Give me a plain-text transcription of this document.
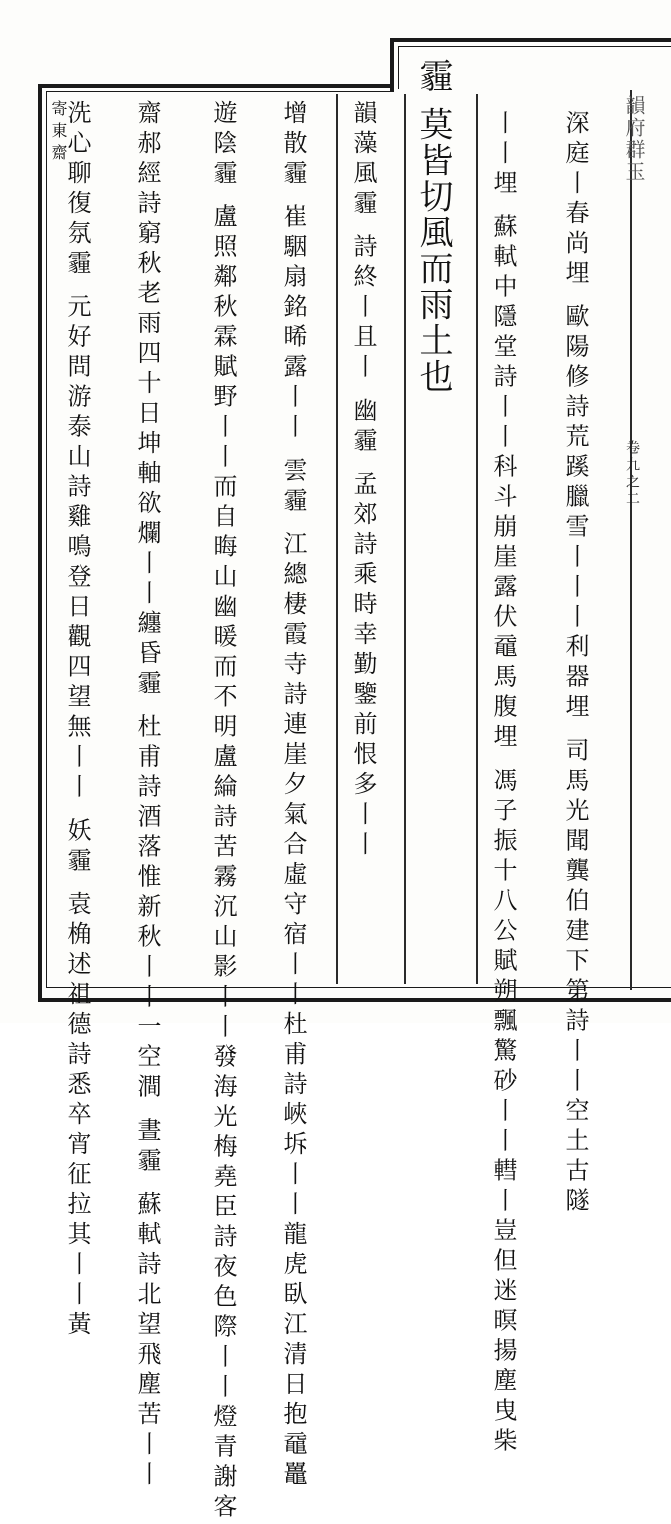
韻府群玉
卷九之二
深庭丨春尚埋 歐陽修詩荒蹊臘雪丨丨丨利器埋 司馬光聞龔伯建下第詩丨丨空土古隧
丨丨埋 蘇軾中隱堂詩丨丨科斗崩崖露伏黿馬腹埋 馮子振十八公賦朔飄驚砂丨丨轊丨豈但迷暝揚塵曳柴
霾 莫皆切風而雨土也
韻藻風霾 詩終丨且丨 幽霾 孟郊詩乘時幸勤鑒前恨多丨丨
增散霾 崔駰扇銘晞露丨丨 雲霾 江總棲霞寺詩連崖夕氣合虛守宿丨丨杜甫詩峽坼丨丨龍虎臥江清日抱黿鼉
遊陰霾 盧照鄰秋霖賦野丨丨而自晦山幽暖而不明盧綸詩苦霧沉山影丨丨發海光梅堯臣詩夜色際丨丨燈青謝客
齋郝經詩窮秋老雨四十日坤軸欲爛丨丨纏昏霾 杜甫詩酒落惟新秋丨丨一空澗 晝霾 蘇軾詩北望飛塵苦丨丨
洗心聊復氛霾 元好問游泰山詩雞鳴登日觀四望無丨丨 妖霾 袁桷述祖德詩悉卒宵征拉其丨丨黃
寄東齋
